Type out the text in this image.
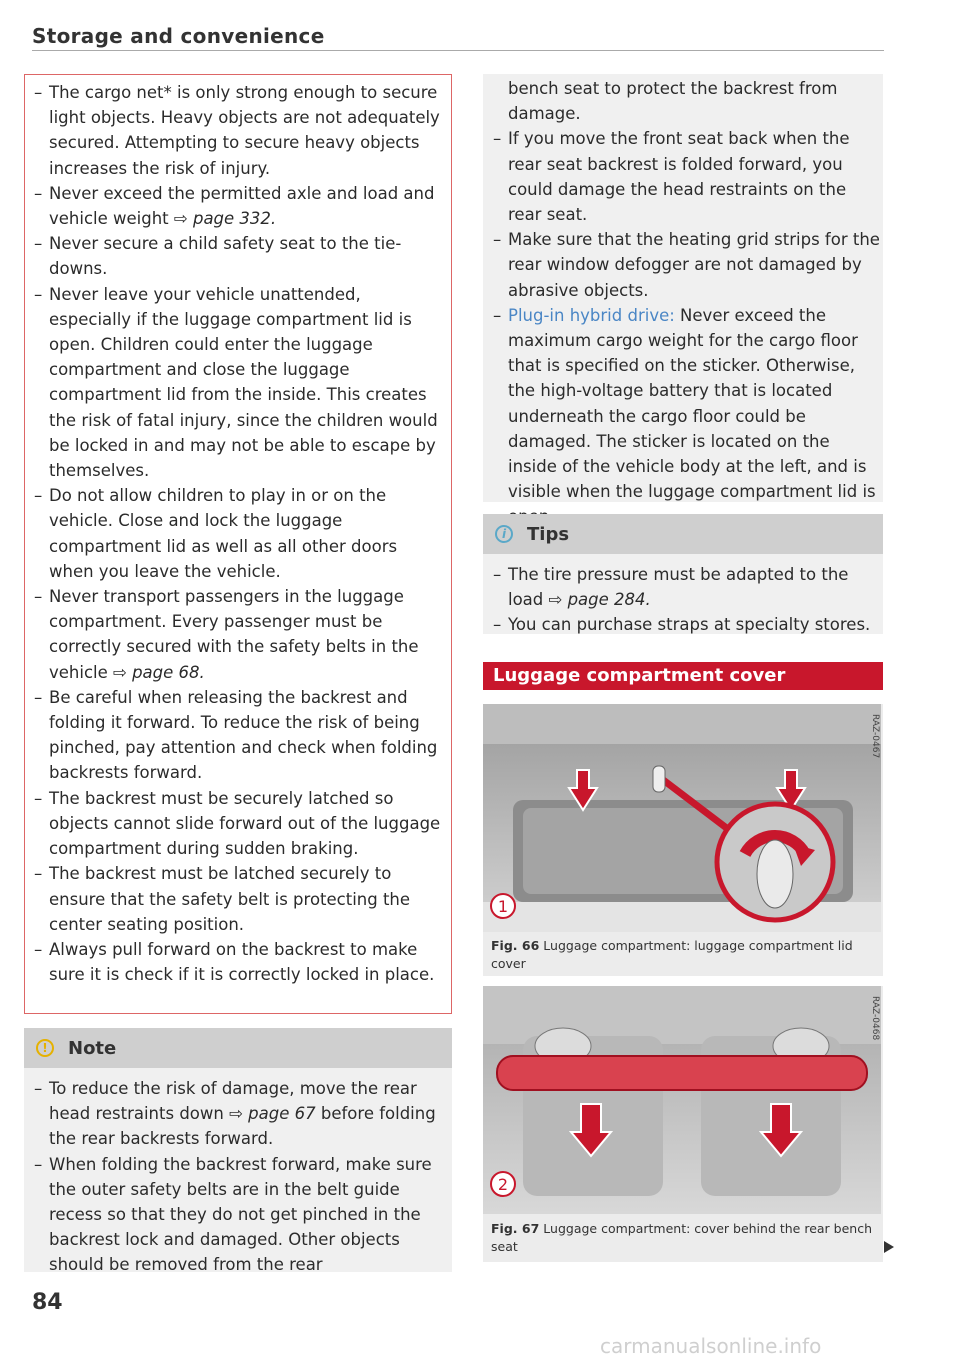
Storage and convenience
– The cargo net* is only strong enough to secure light objects. Heavy objects are not adequately secured. Attempting to secure heavy objects increases the risk of injury.
– Never exceed the permitted axle and load and vehicle weight ⇨ page 332.
– Never secure a child safety seat to the tie-downs.
– Never leave your vehicle unattended, especially if the luggage compartment lid is open. Children could enter the luggage compartment and close the luggage compartment lid from the inside. This creates the risk of fatal injury, since the children would be locked in and may not be able to escape by themselves.
– Do not allow children to play in or on the vehicle. Close and lock the luggage compartment lid as well as all other doors when you leave the vehicle.
– Never transport passengers in the luggage compartment. Every passenger must be correctly secured with the safety belts in the vehicle ⇨ page 68.
– Be careful when releasing the backrest and folding it forward. To reduce the risk of being pinched, pay attention and check when folding backrests forward.
– The backrest must be securely latched so objects cannot slide forward out of the luggage compartment during sudden braking.
– The backrest must be latched securely to ensure that the safety belt is protecting the center seating position.
– Always pull forward on the backrest to make sure it is check if it is correctly locked in place.
!	Note
– To reduce the risk of damage, move the rear head restraints down ⇨ page 67 before folding the rear backrests forward.
– When folding the backrest forward, make sure the outer safety belts are in the belt guide recess so that they do not get pinched in the backrest lock and damaged. Other objects should be removed from the rear
bench seat to protect the backrest from damage.
– If you move the front seat back when the rear seat backrest is folded forward, you could damage the head restraints on the rear seat.
– Make sure that the heating grid strips for the rear window defogger are not damaged by abrasive objects.
– Plug-in hybrid drive: Never exceed the maximum cargo weight for the cargo floor that is specified on the sticker. Otherwise, the high-voltage battery that is located underneath the cargo floor could be damaged. The sticker is located on the inside of the vehicle body at the left, and is visible when the luggage compartment lid is
i	Tips
– The tire pressure must be adapted to the load ⇨ page 284.
– You can purchase straps at specialty stores.
Luggage compartment cover
1
RAZ-0467
Fig. 66 Luggage compartment: luggage compartment lid cover
2
RAZ-0468
Fig. 67 Luggage compartment: cover behind the rear bench seat
84
carmanualsonline.info
